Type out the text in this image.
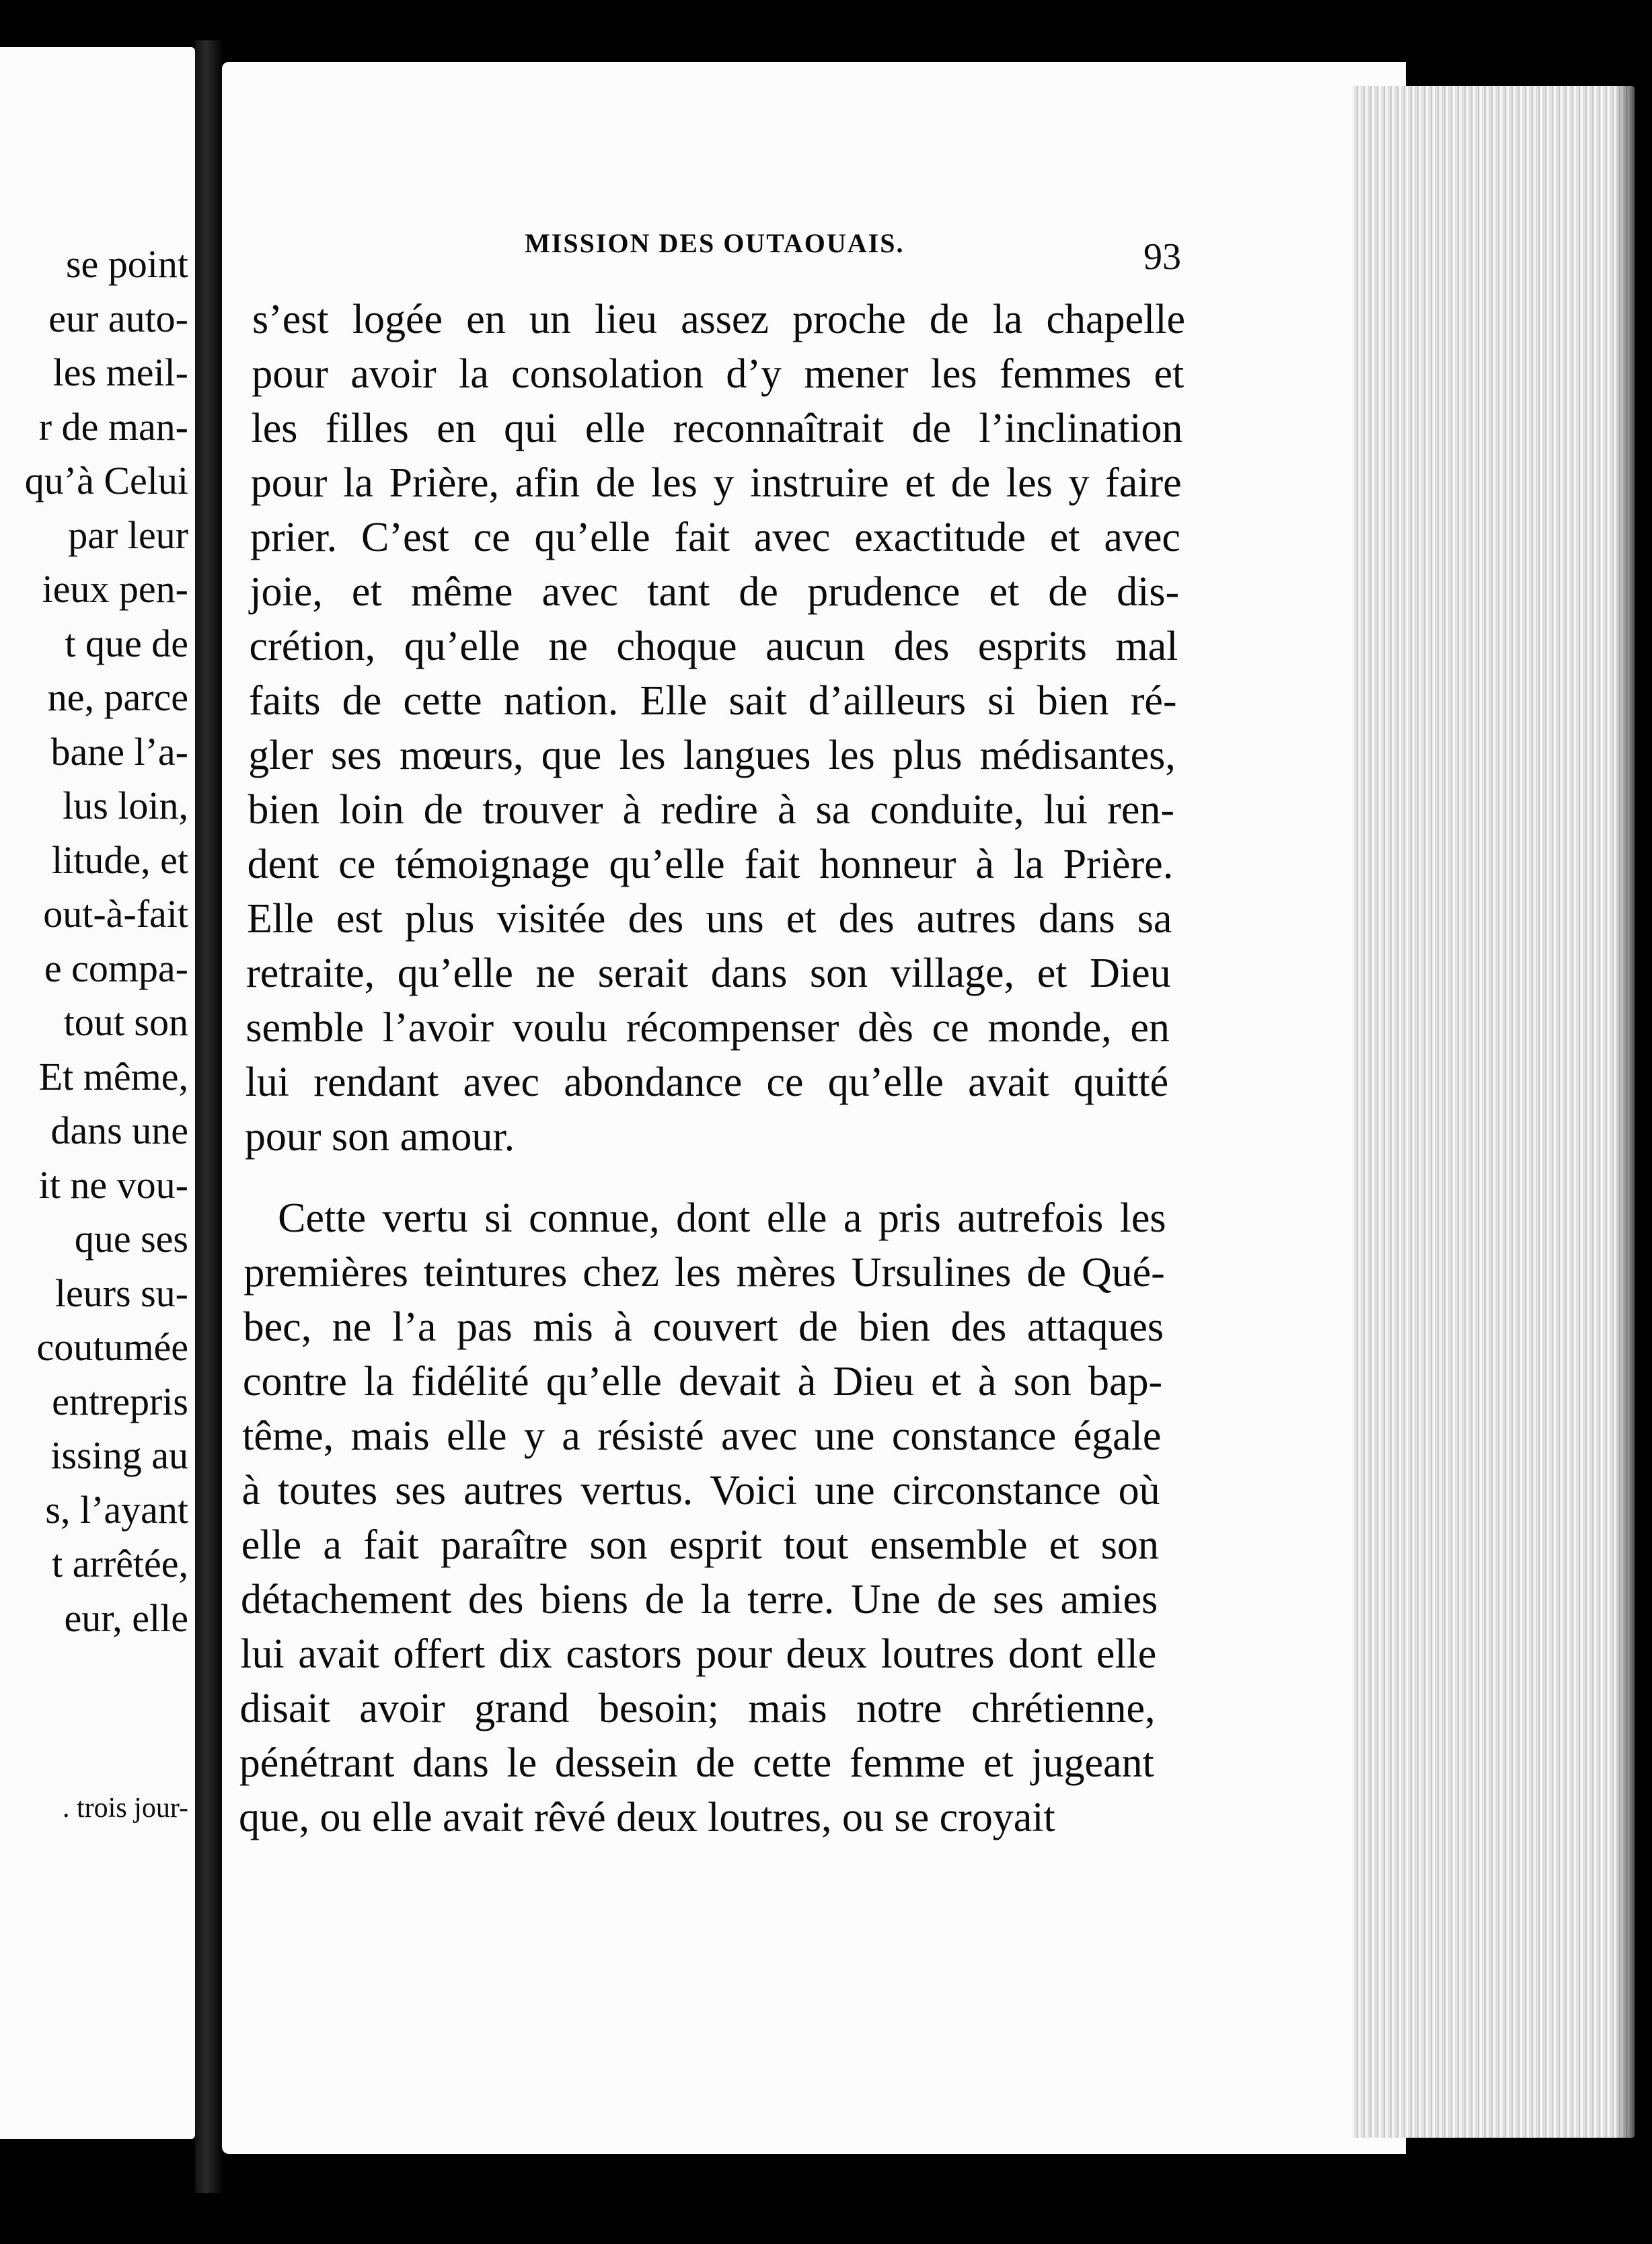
se point
eur auto-
les meil-
r de man-
qu’à Celui
par leur
ieux pen-
t que de
ne, parce
bane l’a-
lus loin,
litude, et
out-à-fait
e compa-
tout son
Et même,
dans une
it ne vou-
que ses
leurs su-
coutumée
entrepris
issing au
s, l’ayant
t arrêtée,
eur, elle
. trois jour-
MISSION DES OUTAOUAIS.	93
s’est logée en un lieu assez proche de la chapelle
pour avoir la consolation d’y mener les femmes et
les filles en qui elle reconnaîtrait de l’inclination
pour la Prière, afin de les y instruire et de les y faire
prier. C’est ce qu’elle fait avec exactitude et avec
joie, et même avec tant de prudence et de dis-
crétion, qu’elle ne choque aucun des esprits mal
faits de cette nation. Elle sait d’ailleurs si bien ré-
gler ses mœurs, que les langues les plus médisantes,
bien loin de trouver à redire à sa conduite, lui ren-
dent ce témoignage qu’elle fait honneur à la Prière.
Elle est plus visitée des uns et des autres dans sa
retraite, qu’elle ne serait dans son village, et Dieu
semble l’avoir voulu récompenser dès ce monde, en
lui rendant avec abondance ce qu’elle avait quitté
pour son amour.
Cette vertu si connue, dont elle a pris autrefois les
premières teintures chez les mères Ursulines de Qué-
bec, ne l’a pas mis à couvert de bien des attaques
contre la fidélité qu’elle devait à Dieu et à son bap-
tême, mais elle y a résisté avec une constance égale
à toutes ses autres vertus. Voici une circonstance où
elle a fait paraître son esprit tout ensemble et son
détachement des biens de la terre. Une de ses amies
lui avait offert dix castors pour deux loutres dont elle
disait avoir grand besoin; mais notre chrétienne,
pénétrant dans le dessein de cette femme et jugeant
que, ou elle avait rêvé deux loutres, ou se croyait
